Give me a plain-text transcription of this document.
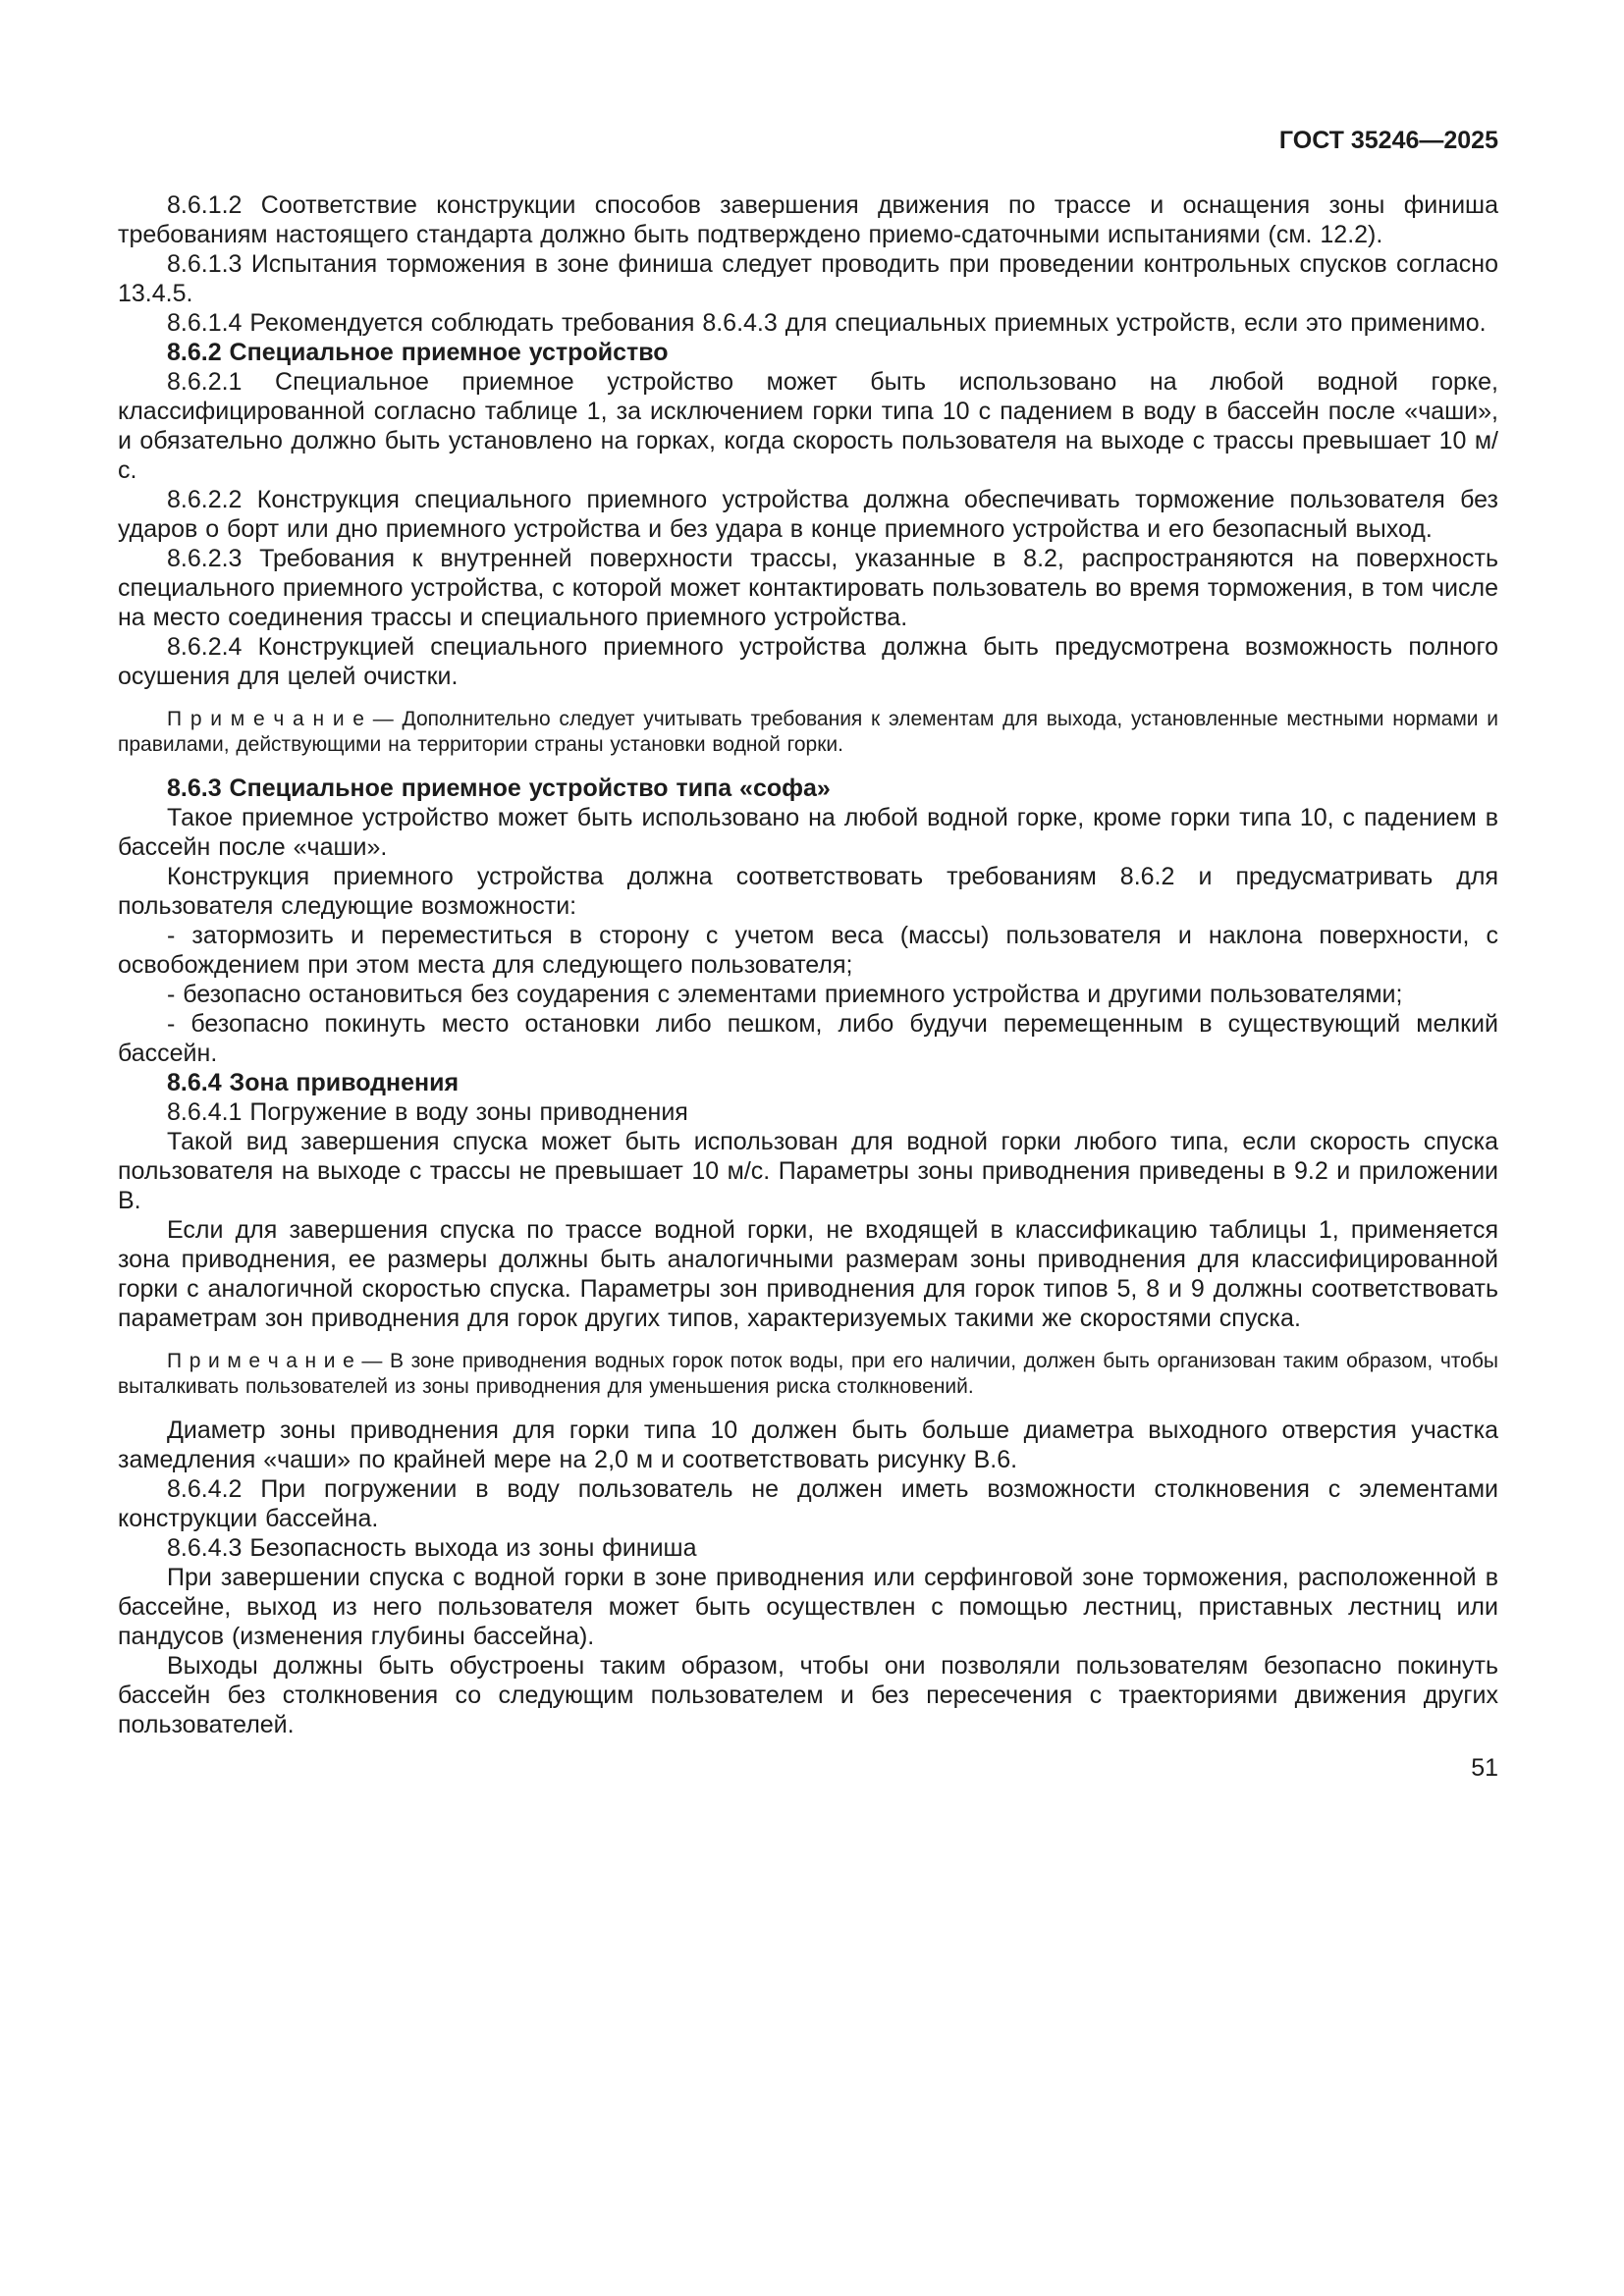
ГОСТ 35246—2025

8.6.1.2 Соответствие конструкции способов завершения движения по трассе и оснащения зоны финиша требованиям настоящего стандарта должно быть подтверждено приемо-сдаточными испытаниями (см. 12.2).

8.6.1.3 Испытания торможения в зоне финиша следует проводить при проведении контрольных спусков согласно 13.4.5.

8.6.1.4 Рекомендуется соблюдать требования 8.6.4.3 для специальных приемных устройств, если это применимо.

8.6.2 Специальное приемное устройство

8.6.2.1 Специальное приемное устройство может быть использовано на любой водной горке, классифицированной согласно таблице 1, за исключением горки типа 10 с падением в воду в бассейн после «чаши», и обязательно должно быть установлено на горках, когда скорость пользователя на выходе с трассы превышает 10 м/с.

8.6.2.2 Конструкция специального приемного устройства должна обеспечивать торможение пользователя без ударов о борт или дно приемного устройства и без удара в конце приемного устройства и его безопасный выход.

8.6.2.3 Требования к внутренней поверхности трассы, указанные в 8.2, распространяются на поверхность специального приемного устройства, с которой может контактировать пользователь во время торможения, в том числе на место соединения трассы и специального приемного устройства.

8.6.2.4 Конструкцией специального приемного устройства должна быть предусмотрена возможность полного осушения для целей очистки.

П р и м е ч а н и е — Дополнительно следует учитывать требования к элементам для выхода, установленные местными нормами и правилами, действующими на территории страны установки водной горки.

8.6.3 Специальное приемное устройство типа «софа»

Такое приемное устройство может быть использовано на любой водной горке, кроме горки типа 10, с падением в бассейн после «чаши».

Конструкция приемного устройства должна соответствовать требованиям 8.6.2 и предусматривать для пользователя следующие возможности:

- затормозить и переместиться в сторону с учетом веса (массы) пользователя и наклона поверхности, с освобождением при этом места для следующего пользователя;

- безопасно остановиться без соударения с элементами приемного устройства и другими пользователями;

- безопасно покинуть место остановки либо пешком, либо будучи перемещенным в существующий мелкий бассейн.

8.6.4 Зона приводнения

8.6.4.1 Погружение в воду зоны приводнения

Такой вид завершения спуска может быть использован для водной горки любого типа, если скорость спуска пользователя на выходе с трассы не превышает 10 м/с. Параметры зоны приводнения приведены в 9.2 и приложении В.

Если для завершения спуска по трассе водной горки, не входящей в классификацию таблицы 1, применяется зона приводнения, ее размеры должны быть аналогичными размерам зоны приводнения для классифицированной горки с аналогичной скоростью спуска. Параметры зон приводнения для горок типов 5, 8 и 9 должны соответствовать параметрам зон приводнения для горок других типов, характеризуемых такими же скоростями спуска.

П р и м е ч а н и е — В зоне приводнения водных горок поток воды, при его наличии, должен быть организован таким образом, чтобы выталкивать пользователей из зоны приводнения для уменьшения риска столкновений.

Диаметр зоны приводнения для горки типа 10 должен быть больше диаметра выходного отверстия участка замедления «чаши» по крайней мере на 2,0 м и соответствовать рисунку В.6.

8.6.4.2 При погружении в воду пользователь не должен иметь возможности столкновения с элементами конструкции бассейна.

8.6.4.3 Безопасность выхода из зоны финиша

При завершении спуска с водной горки в зоне приводнения или серфинговой зоне торможения, расположенной в бассейне, выход из него пользователя может быть осуществлен с помощью лестниц, приставных лестниц или пандусов (изменения глубины бассейна).

Выходы должны быть обустроены таким образом, чтобы они позволяли пользователям безопасно покинуть бассейн без столкновения со следующим пользователем и без пересечения с траекториями движения других пользователей.

51
